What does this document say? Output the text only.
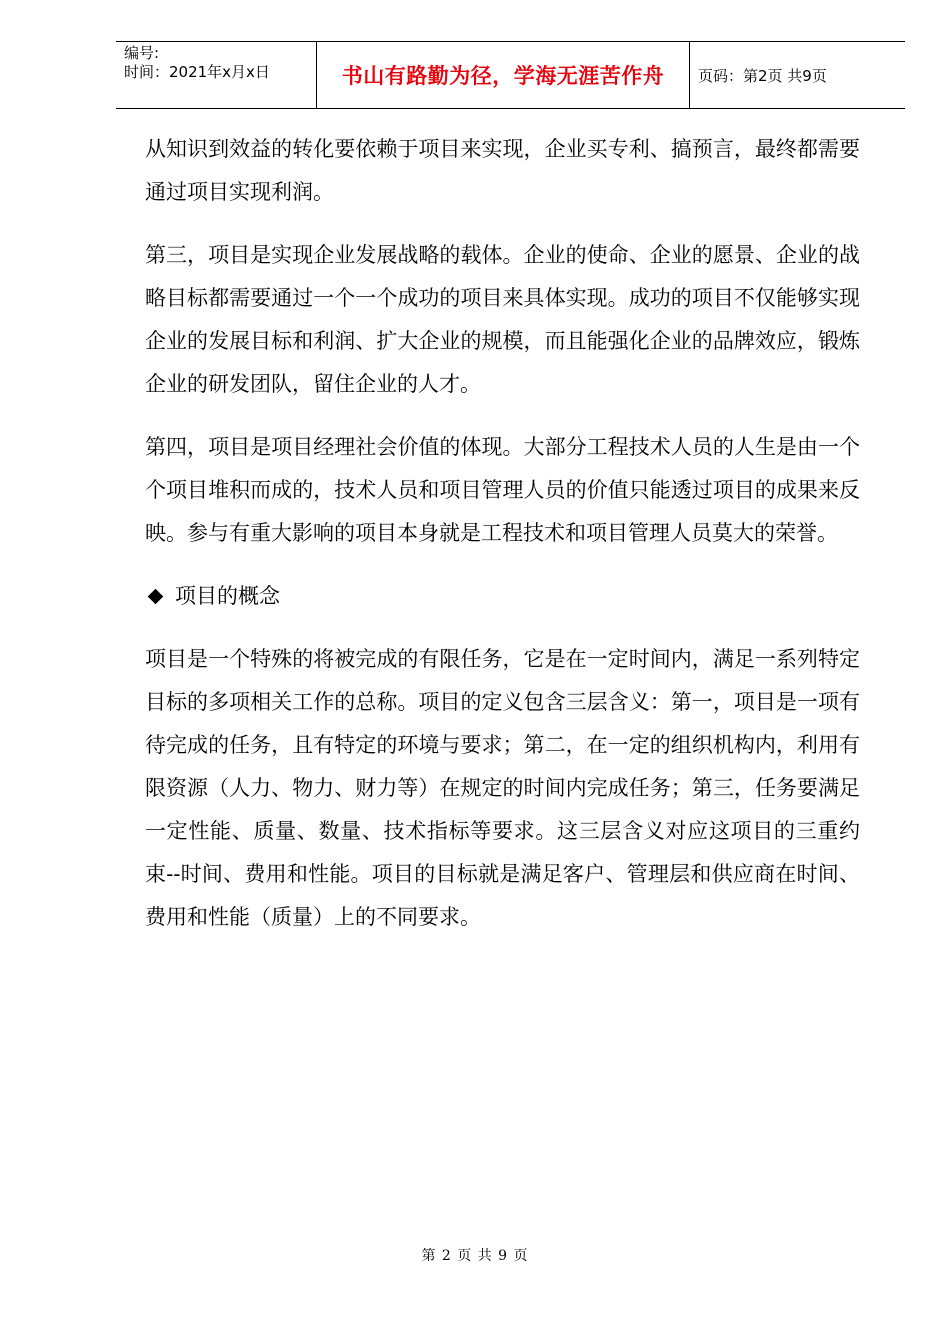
编号:
时间：2021年x月x日	书山有路勤为径，学海无涯苦作舟 页码：第2页 共9页

从知识到效益的转化要依赖于项目来实现，企业买专利、搞预言，最终都需要通过项目实现利润。

第三，项目是实现企业发展战略的载体。企业的使命、企业的愿景、企业的战略目标都需要通过一个一个成功的项目来具体实现。成功的项目不仅能够实现企业的发展目标和利润、扩大企业的规模，而且能强化企业的品牌效应，锻炼企业的研发团队，留住企业的人才。

第四，项目是项目经理社会价值的体现。大部分工程技术人员的人生是由一个个项目堆积而成的，技术人员和项目管理人员的价值只能透过项目的成果来反映。参与有重大影响的项目本身就是工程技术和项目管理人员莫大的荣誉。

项目的概念

项目是一个特殊的将被完成的有限任务，它是在一定时间内，满足一系列特定目标的多项相关工作的总称。项目的定义包含三层含义：第一，项目是一项有待完成的任务，且有特定的环境与要求；第二，在一定的组织机构内，利用有限资源（人力、物力、财力等）在规定的时间内完成任务；第三，任务要满足一定性能、质量、数量、技术指标等要求。这三层含义对应这项目的三重约束--时间、费用和性能。项目的目标就是满足客户、管理层和供应商在时间、费用和性能（质量）上的不同要求。

第 2 页 共 9 页
